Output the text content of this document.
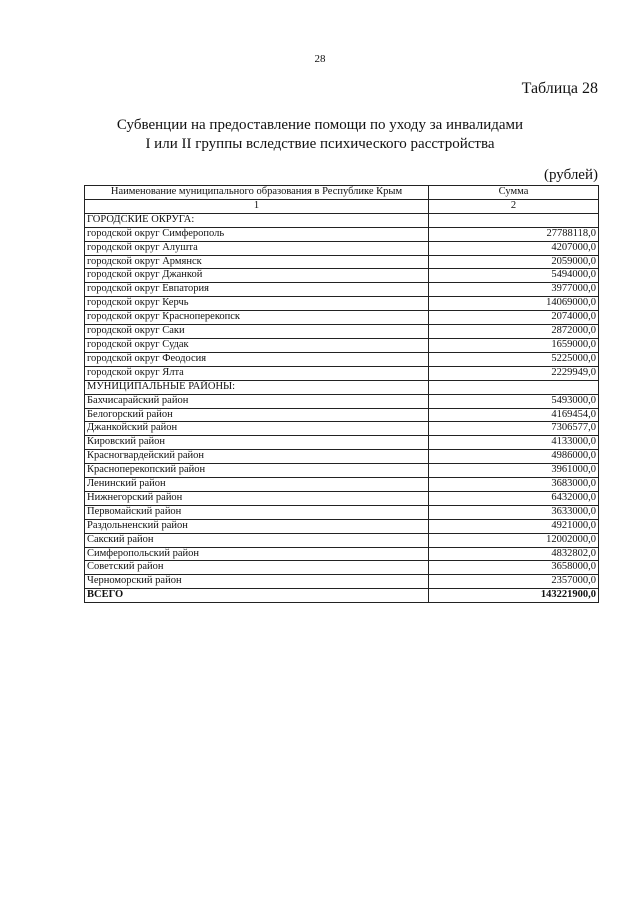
28
Таблица 28
Субвенции на предоставление помощи по уходу за инвалидами
I или II группы вследствие психического расстройства
(рублей)
Наименование муниципального образования в Республике Крым	Сумма
1	2
ГОРОДСКИЕ ОКРУГА:	
городской округ Симферополь	27788118,0
городской округ Алушта	4207000,0
городской округ Армянск	2059000,0
городской округ Джанкой	5494000,0
городской округ Евпатория	3977000,0
городской округ Керчь	14069000,0
городской округ Красноперекопск	2074000,0
городской округ Саки	2872000,0
городской округ Судак	1659000,0
городской округ Феодосия	5225000,0
городской округ Ялта	2229949,0
МУНИЦИПАЛЬНЫЕ РАЙОНЫ:	
Бахчисарайский район	5493000,0
Белогорский район	4169454,0
Джанкойский район	7306577,0
Кировский район	4133000,0
Красногвардейский район	4986000,0
Красноперекопский район	3961000,0
Ленинский район	3683000,0
Нижнегорский район	6432000,0
Первомайский район	3633000,0
Раздольненский район	4921000,0
Сакский район	12002000,0
Симферопольский район	4832802,0
Советский район	3658000,0
Черноморский район	2357000,0
ВСЕГО	143221900,0
